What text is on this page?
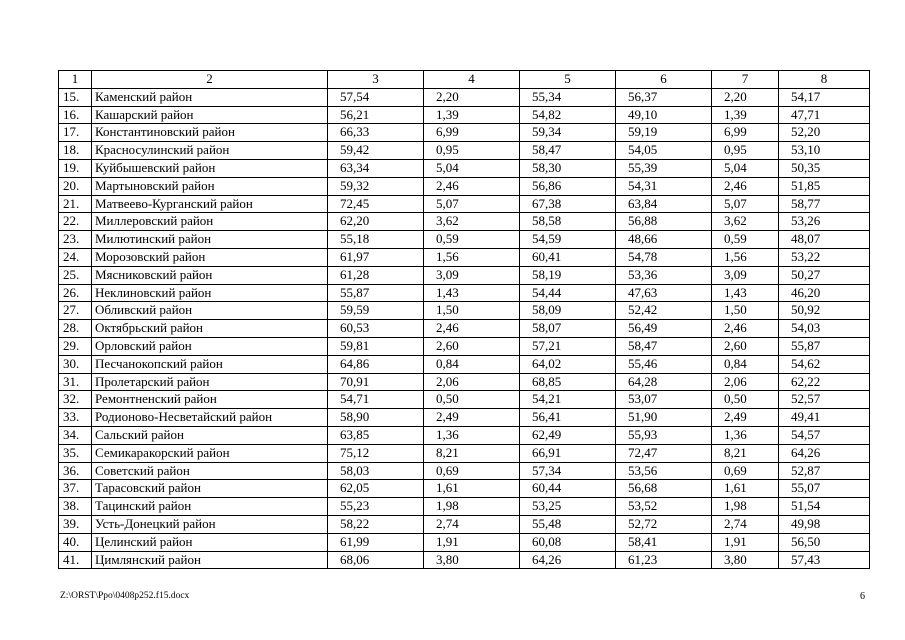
1	2	3	4	5	6	7	8
15.	Каменский район	57,54	2,20	55,34	56,37	2,20	54,17
16.	Кашарский район	56,21	1,39	54,82	49,10	1,39	47,71
17.	Константиновский район	66,33	6,99	59,34	59,19	6,99	52,20
18.	Красносулинский район	59,42	0,95	58,47	54,05	0,95	53,10
19.	Куйбышевский район	63,34	5,04	58,30	55,39	5,04	50,35
20.	Мартыновский район	59,32	2,46	56,86	54,31	2,46	51,85
21.	Матвеево-Курганский район	72,45	5,07	67,38	63,84	5,07	58,77
22.	Миллеровский район	62,20	3,62	58,58	56,88	3,62	53,26
23.	Милютинский район	55,18	0,59	54,59	48,66	0,59	48,07
24.	Морозовский район	61,97	1,56	60,41	54,78	1,56	53,22
25.	Мясниковский район	61,28	3,09	58,19	53,36	3,09	50,27
26.	Неклиновский район	55,87	1,43	54,44	47,63	1,43	46,20
27.	Обливский район	59,59	1,50	58,09	52,42	1,50	50,92
28.	Октябрьский район	60,53	2,46	58,07	56,49	2,46	54,03
29.	Орловский район	59,81	2,60	57,21	58,47	2,60	55,87
30.	Песчанокопский район	64,86	0,84	64,02	55,46	0,84	54,62
31.	Пролетарский район	70,91	2,06	68,85	64,28	2,06	62,22
32.	Ремонтненский район	54,71	0,50	54,21	53,07	0,50	52,57
33.	Родионово-Несветайский район	58,90	2,49	56,41	51,90	2,49	49,41
34.	Сальский район	63,85	1,36	62,49	55,93	1,36	54,57
35.	Семикаракорский район	75,12	8,21	66,91	72,47	8,21	64,26
36.	Советский район	58,03	0,69	57,34	53,56	0,69	52,87
37.	Тарасовский район	62,05	1,61	60,44	56,68	1,61	55,07
38.	Тацинский район	55,23	1,98	53,25	53,52	1,98	51,54
39.	Усть-Донецкий район	58,22	2,74	55,48	52,72	2,74	49,98
40.	Целинский район	61,99	1,91	60,08	58,41	1,91	56,50
41.	Цимлянский район	68,06	3,80	64,26	61,23	3,80	57,43
Z:\ORST\Ppo\0408p252.f15.docx	6
